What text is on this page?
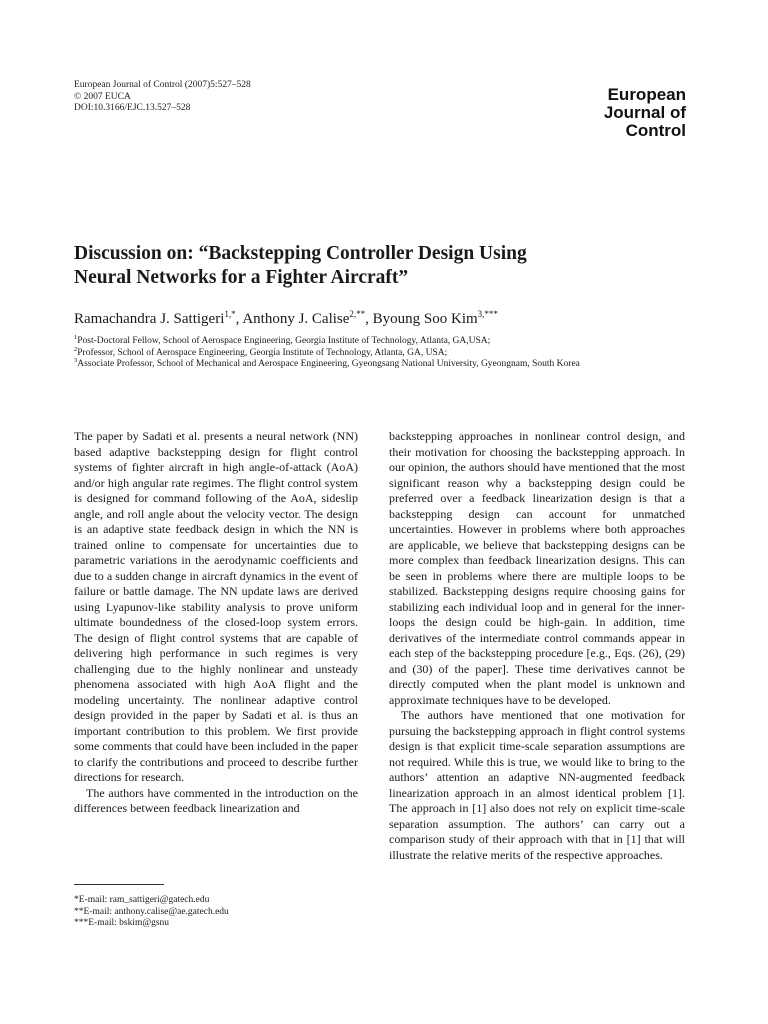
European Journal of Control (2007)5:527–528
© 2007 EUCA
DOI:10.3166/EJC.13.527–528
European
Journal of
Control
Discussion on: “Backstepping Controller Design Using
Neural Networks for a Fighter Aircraft”
Ramachandra J. Sattigeri$^{1,*}$, Anthony J. Calise$^{2,**}$, Byoung Soo Kim$^{3,***}$
$^1$Post-Doctoral Fellow, School of Aerospace Engineering, Georgia Institute of Technology, Atlanta, GA,USA;
$^2$Professor, School of Aerospace Engineering, Georgia Institute of Technology, Atlanta, GA, USA;
$^3$Associate Professor, School of Mechanical and Aerospace Engineering, Gyeongsang National University, Gyeongnam, South Korea

The paper by Sadati et al. presents a neural network (NN) based adaptive backstepping design for flight control systems of fighter aircraft in high angle-of-attack (AoA) and/or high angular rate regimes. The flight control system is designed for command following of the AoA, sideslip angle, and roll angle about the velocity vector. The design is an adaptive state feedback design in which the NN is trained online to compensate for uncertainties due to parametric variations in the aerodynamic coefficients and due to a sudden change in aircraft dynamics in the event of failure or battle damage. The NN update laws are derived using Lyapunov-like stability analysis to prove uniform ultimate boundedness of the closed-loop system errors. The design of flight control systems that are capable of delivering high performance in such regimes is very challenging due to the highly nonlinear and unsteady phenomena associated with high AoA flight and the modeling uncertainty. The nonlinear adaptive control design provided in the paper by Sadati et al. is thus an important contribution to this problem. We first provide some comments that could have been included in the paper to clarify the contributions and proceed to describe further directions for research.

The authors have commented in the introduction on the differences between feedback linearization and

backstepping approaches in nonlinear control design, and their motivation for choosing the backstepping approach. In our opinion, the authors should have mentioned that the most significant reason why a backstepping design could be preferred over a feedback linearization design is that a backstepping design can account for unmatched uncertainties. However in problems where both approaches are applicable, we believe that backstepping designs can be more complex than feedback linearization designs. This can be seen in problems where there are multiple loops to be stabilized. Backstepping designs require choosing gains for stabilizing each individual loop and in general for the inner-loops the design could be high-gain. In addition, time derivatives of the intermediate control commands appear in each step of the backstepping procedure [e.g., Eqs. (26), (29) and (30) of the paper]. These time derivatives cannot be directly computed when the plant model is unknown and approximate techniques have to be developed.

The authors have mentioned that one motivation for pursuing the backstepping approach in flight control systems design is that explicit time-scale separation assumptions are not required. While this is true, we would like to bring to the authors’ attention an adaptive NN-augmented feedback linearization approach in an almost identical problem [1]. The approach in [1] also does not rely on explicit time-scale separation assumption. The authors’ can carry out a comparison study of their approach with that in [1] that will illustrate the relative merits of the respective approaches.

*E-mail: ram_sattigeri@gatech.edu
**E-mail: anthony.calise@ae.gatech.edu
***E-mail: bskim@gsnu
